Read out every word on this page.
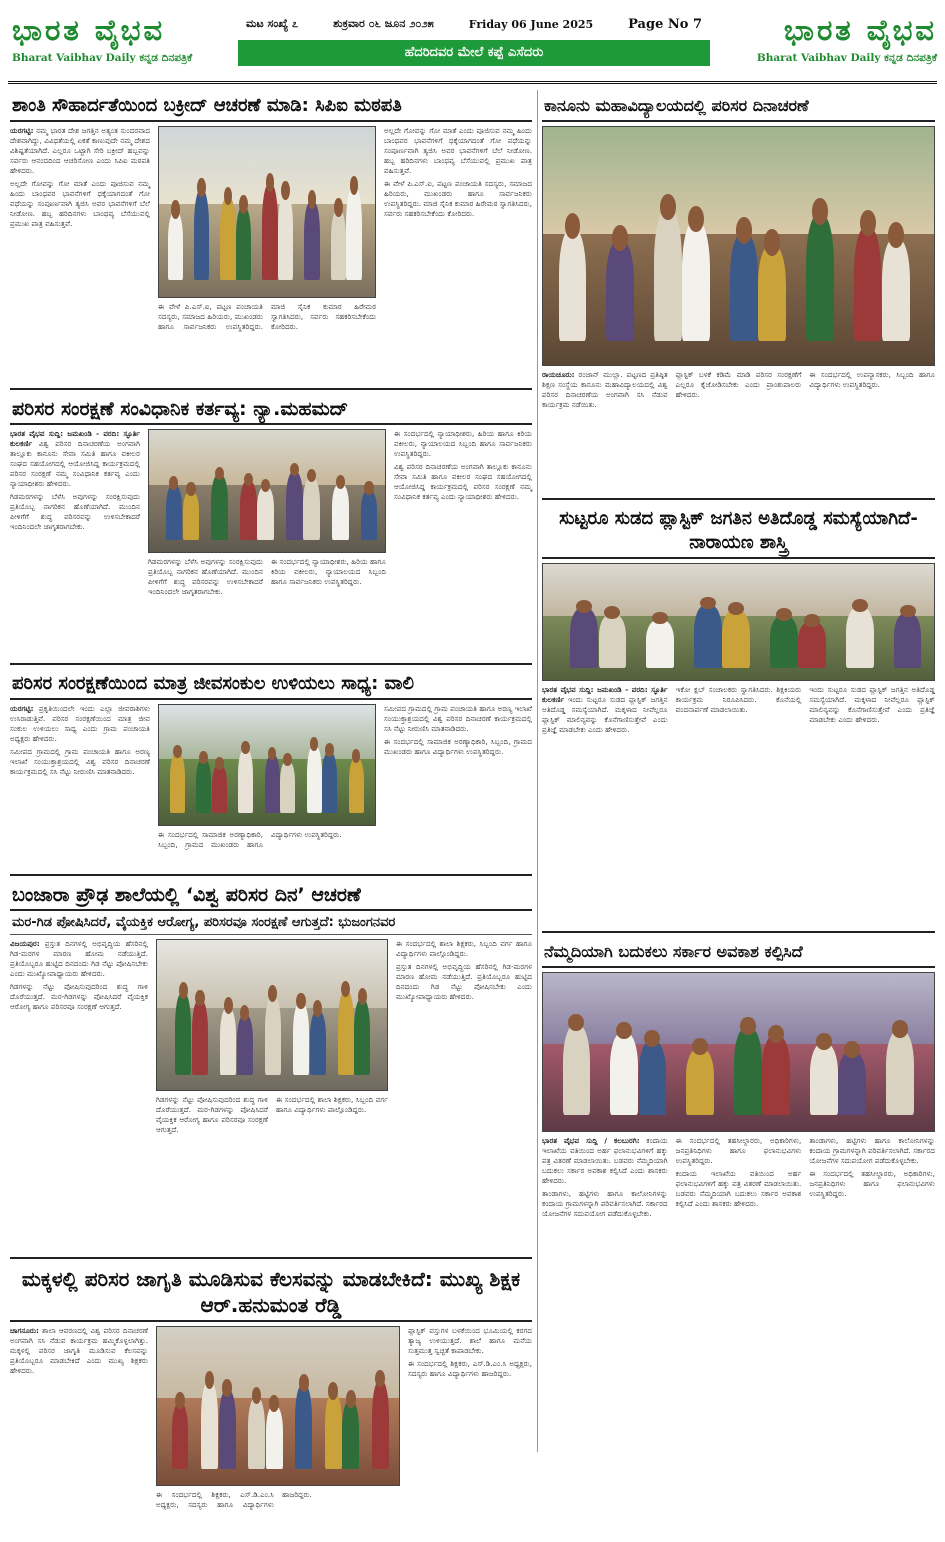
ಭಾರತ ವೈಭವ
Bharat Vaibhav Daily ಕನ್ನಡ ದಿನಪತ್ರಿಕೆ
ಮಟ ಸಂಖ್ಯೆ ೭	ಶುಕ್ರವಾರ ೦೬ ಜೂನ ೨೦೨೫	Friday 06 June 2025	Page No 7
ಹೆದರಿದವರ ಮೇಲೆ ಕಪ್ಪೆ ಎಸೆದರು
ಭಾರತ ವೈಭವ
Bharat Vaibhav Daily ಕನ್ನಡ ದಿನಪತ್ರಿಕೆ
ಶಾಂತಿ ಸೌಹಾರ್ದತೆಯಿಂದ ಬಕ್ರೀದ್ ಆಚರಣೆ ಮಾಡಿ: ಸಿಪಿಐ ಮಠಪತಿ

ಯರಗಟ್ಟಿ: ನಮ್ಮ ಭಾರತ ದೇಶ ಜಗತ್ತಿನ ಅತ್ಯಂತ ಸುಂದರವಾದ ದೇಶವಾಗಿದ್ದು, ವಿವಿಧತೆಯಲ್ಲಿ ಏಕತೆ ಕಾಣುವುದೇ ನಮ್ಮ ದೇಶದ ವಿಶಿಷ್ಟತೆಯಾಗಿದೆ. ಎಲ್ಲರೂ ಒಟ್ಟಾಗಿ ಸೇರಿ ಬಕ್ರೀದ್ ಹಬ್ಬವನ್ನು ಸರ್ವರು ಆನಂದದಿಂದ ಆಚರಿಸೋಣ ಎಂದು ಸಿಪಿಐ ಮಠಪತಿ ಹೇಳಿದರು.

ಅಲ್ಲದೇ ಗೋವನ್ನು ಗೋ ಮಾತೆ ಎಂದು ಪೂಜಿಸುವ ನಮ್ಮ ಹಿಂದು ಬಾಂಧವರ ಭಾವನೆಗಳಿಗೆ ಧಕ್ಕೆಯಾಗದಂತೆ ಗೋ ವಧೆಯನ್ನು ಸಂಪೂರ್ಣವಾಗಿ ತ್ಯಜಿಸಿ ಅವರ ಭಾವನೆಗಳಿಗೆ ಬೆಲೆ ನೀಡೋಣ. ಹಬ್ಬ ಹರಿದಿನಗಳು ಬಾಂಧವ್ಯ ಬೆಸೆಯುವಲ್ಲಿ ಪ್ರಮುಖ ಪಾತ್ರ ವಹಿಸುತ್ತವೆ.

ಈ ವೇಳೆ ಪಿ.ಎಸ್.ಐ, ಪಟ್ಟಣ ಪಂಚಾಯತಿ ಸದಸ್ಯರು, ಸಮಾಜದ ಹಿರಿಯರು, ಮುಖಂಡರು ಹಾಗೂ ಸಾರ್ವಜನಿಕರು ಉಪಸ್ಥಿತರಿದ್ದರು. ಮಾಜಿ ಸೈನಿಕ ಕುಮಾರ ಹಿರೇಮಠ ಸ್ವಾಗತಿಸಿದರು, ಸರ್ವರು ಸಹಕರಿಸಬೇಕೆಂದು ಕೋರಿದರು.

ಅಲ್ಲದೇ ಗೋವನ್ನು ಗೋ ಮಾತೆ ಎಂದು ಪೂಜಿಸುವ ನಮ್ಮ ಹಿಂದು ಬಾಂಧವರ ಭಾವನೆಗಳಿಗೆ ಧಕ್ಕೆಯಾಗದಂತೆ ಗೋ ವಧೆಯನ್ನು ಸಂಪೂರ್ಣವಾಗಿ ತ್ಯಜಿಸಿ ಅವರ ಭಾವನೆಗಳಿಗೆ ಬೆಲೆ ನೀಡೋಣ. ಹಬ್ಬ ಹರಿದಿನಗಳು ಬಾಂಧವ್ಯ ಬೆಸೆಯುವಲ್ಲಿ ಪ್ರಮುಖ ಪಾತ್ರ ವಹಿಸುತ್ತವೆ.

ಈ ವೇಳೆ ಪಿ.ಎಸ್.ಐ, ಪಟ್ಟಣ ಪಂಚಾಯತಿ ಸದಸ್ಯರು, ಸಮಾಜದ ಹಿರಿಯರು, ಮುಖಂಡರು ಹಾಗೂ ಸಾರ್ವಜನಿಕರು ಉಪಸ್ಥಿತರಿದ್ದರು. ಮಾಜಿ ಸೈನಿಕ ಕುಮಾರ ಹಿರೇಮಠ ಸ್ವಾಗತಿಸಿದರು, ಸರ್ವರು ಸಹಕರಿಸಬೇಕೆಂದು ಕೋರಿದರು.

ಪರಿಸರ ಸಂರಕ್ಷಣೆ ಸಂವಿಧಾನಿಕ ಕರ್ತವ್ಯ: ನ್ಯಾ.ಮಹಮದ್

ಭಾರತ ವೈಭವ ಸುದ್ದಿ: ಜಮಖಂಡಿ - ವರದಿ: ಸ್ಫೂರ್ತಿ ಕುಲಕರ್ಣಿ ವಿಶ್ವ ಪರಿಸರ ದಿನಾಚರಣೆಯ ಅಂಗವಾಗಿ ತಾಲ್ಲೂಕು ಕಾನೂನು ಸೇವಾ ಸಮಿತಿ ಹಾಗೂ ವಕೀಲರ ಸಂಘದ ಸಹಯೋಗದಲ್ಲಿ ಆಯೋಜಿಸಿದ್ದ ಕಾರ್ಯಕ್ರಮದಲ್ಲಿ ಪರಿಸರ ಸಂರಕ್ಷಣೆ ನಮ್ಮ ಸಂವಿಧಾನಿಕ ಕರ್ತವ್ಯ ಎಂದು ನ್ಯಾಯಾಧೀಶರು ಹೇಳಿದರು.

ಗಿಡಮರಗಳನ್ನು ಬೆಳೆಸಿ ಅವುಗಳನ್ನು ಸಂರಕ್ಷಿಸುವುದು ಪ್ರತಿಯೊಬ್ಬ ನಾಗರಿಕನ ಹೊಣೆಯಾಗಿದೆ. ಮುಂದಿನ ಪೀಳಿಗೆಗೆ ಶುದ್ಧ ಪರಿಸರವನ್ನು ಉಳಿಸಬೇಕಾದರೆ ಇಂದಿನಿಂದಲೇ ಜಾಗೃತರಾಗಬೇಕು.

ಗಿಡಮರಗಳನ್ನು ಬೆಳೆಸಿ ಅವುಗಳನ್ನು ಸಂರಕ್ಷಿಸುವುದು ಪ್ರತಿಯೊಬ್ಬ ನಾಗರಿಕನ ಹೊಣೆಯಾಗಿದೆ. ಮುಂದಿನ ಪೀಳಿಗೆಗೆ ಶುದ್ಧ ಪರಿಸರವನ್ನು ಉಳಿಸಬೇಕಾದರೆ ಇಂದಿನಿಂದಲೇ ಜಾಗೃತರಾಗಬೇಕು.

ಈ ಸಂದರ್ಭದಲ್ಲಿ ನ್ಯಾಯಾಧೀಶರು, ಹಿರಿಯ ಹಾಗೂ ಕಿರಿಯ ವಕೀಲರು, ನ್ಯಾಯಾಲಯದ ಸಿಬ್ಬಂದಿ ಹಾಗೂ ಸಾರ್ವಜನಿಕರು ಉಪಸ್ಥಿತರಿದ್ದರು.

ಈ ಸಂದರ್ಭದಲ್ಲಿ ನ್ಯಾಯಾಧೀಶರು, ಹಿರಿಯ ಹಾಗೂ ಕಿರಿಯ ವಕೀಲರು, ನ್ಯಾಯಾಲಯದ ಸಿಬ್ಬಂದಿ ಹಾಗೂ ಸಾರ್ವಜನಿಕರು ಉಪಸ್ಥಿತರಿದ್ದರು.

ವಿಶ್ವ ಪರಿಸರ ದಿನಾಚರಣೆಯ ಅಂಗವಾಗಿ ತಾಲ್ಲೂಕು ಕಾನೂನು ಸೇವಾ ಸಮಿತಿ ಹಾಗೂ ವಕೀಲರ ಸಂಘದ ಸಹಯೋಗದಲ್ಲಿ ಆಯೋಜಿಸಿದ್ದ ಕಾರ್ಯಕ್ರಮದಲ್ಲಿ ಪರಿಸರ ಸಂರಕ್ಷಣೆ ನಮ್ಮ ಸಂವಿಧಾನಿಕ ಕರ್ತವ್ಯ ಎಂದು ನ್ಯಾಯಾಧೀಶರು ಹೇಳಿದರು.

ಪರಿಸರ ಸಂರಕ್ಷಣೆಯಿಂದ ಮಾತ್ರ ಜೀವಸಂಕುಲ ಉಳಿಯಲು ಸಾಧ್ಯ: ವಾಲಿ

ಯರಗಟ್ಟಿ: ಪ್ರಕೃತಿಯಿಂದಲೇ ಇಂದು ಎಲ್ಲಾ ಜೀವರಾಶಿಗಳು ಉಸಿರಾಡುತ್ತಿವೆ. ಪರಿಸರ ಸಂರಕ್ಷಣೆಯಿಂದ ಮಾತ್ರ ಜೀವ ಸಂಕುಲ ಉಳಿಯಲು ಸಾಧ್ಯ ಎಂದು ಗ್ರಾಮ ಪಂಚಾಯತಿ ಅಧ್ಯಕ್ಷರು ಹೇಳಿದರು.

ಸಮೀಪದ ಗ್ರಾಮದಲ್ಲಿ ಗ್ರಾಮ ಪಂಚಾಯತಿ ಹಾಗೂ ಅರಣ್ಯ ಇಲಾಖೆ ಸಂಯುಕ್ತಾಶ್ರಯದಲ್ಲಿ ವಿಶ್ವ ಪರಿಸರ ದಿನಾಚರಣೆ ಕಾರ್ಯಕ್ರಮದಲ್ಲಿ ಸಸಿ ನೆಟ್ಟು ನೀರುಣಿಸಿ ಮಾತನಾಡಿದರು.

ಈ ಸಂದರ್ಭದಲ್ಲಿ ಸಾಮಾಜಿಕ ಅರಣ್ಯಾಧಿಕಾರಿ, ಸಿಬ್ಬಂದಿ, ಗ್ರಾಮದ ಮುಖಂಡರು ಹಾಗೂ ವಿದ್ಯಾರ್ಥಿಗಳು ಉಪಸ್ಥಿತರಿದ್ದರು.

ಸಮೀಪದ ಗ್ರಾಮದಲ್ಲಿ ಗ್ರಾಮ ಪಂಚಾಯತಿ ಹಾಗೂ ಅರಣ್ಯ ಇಲಾಖೆ ಸಂಯುಕ್ತಾಶ್ರಯದಲ್ಲಿ ವಿಶ್ವ ಪರಿಸರ ದಿನಾಚರಣೆ ಕಾರ್ಯಕ್ರಮದಲ್ಲಿ ಸಸಿ ನೆಟ್ಟು ನೀರುಣಿಸಿ ಮಾತನಾಡಿದರು.

ಈ ಸಂದರ್ಭದಲ್ಲಿ ಸಾಮಾಜಿಕ ಅರಣ್ಯಾಧಿಕಾರಿ, ಸಿಬ್ಬಂದಿ, ಗ್ರಾಮದ ಮುಖಂಡರು ಹಾಗೂ ವಿದ್ಯಾರ್ಥಿಗಳು ಉಪಸ್ಥಿತರಿದ್ದರು.

ಬಂಜಾರಾ ಪ್ರೌಢ ಶಾಲೆಯಲ್ಲಿ ‘ವಿಶ್ವ ಪರಿಸರ ದಿನ’ ಆಚರಣೆ
ಮರ-ಗಿಡ ಪೋಷಿಸಿದರೆ, ವೈಯಕ್ತಿಕ ಆರೋಗ್ಯ, ಪರಿಸರವೂ ಸಂರಕ್ಷಣೆ ಆಗುತ್ತದೆ: ಭುಜಂಗನವರ

ವಿಜಯಪುರ: ಪ್ರಸ್ತುತ ದಿನಗಳಲ್ಲಿ ಅಭಿವೃದ್ಧಿಯ ಹೆಸರಿನಲ್ಲಿ ಗಿಡ-ಮರಗಳ ಮಾರಣ ಹೋಮ ನಡೆಯುತ್ತಿದೆ. ಪ್ರತಿಯೊಬ್ಬರೂ ಹುಟ್ಟಿದ ದಿನದಂದು ಗಿಡ ನೆಟ್ಟು ಪೋಷಿಸಬೇಕು ಎಂದು ಮುಖ್ಯೋಪಾಧ್ಯಾಯರು ಹೇಳಿದರು.

ಗಿಡಗಳನ್ನು ನೆಟ್ಟು ಪೋಷಿಸುವುದರಿಂದ ಶುದ್ಧ ಗಾಳಿ ದೊರೆಯುತ್ತದೆ. ಮರ-ಗಿಡಗಳನ್ನು ಪೋಷಿಸಿದರೆ ವೈಯಕ್ತಿಕ ಆರೋಗ್ಯ ಹಾಗೂ ಪರಿಸರವೂ ಸಂರಕ್ಷಣೆ ಆಗುತ್ತದೆ.

ಗಿಡಗಳನ್ನು ನೆಟ್ಟು ಪೋಷಿಸುವುದರಿಂದ ಶುದ್ಧ ಗಾಳಿ ದೊರೆಯುತ್ತದೆ. ಮರ-ಗಿಡಗಳನ್ನು ಪೋಷಿಸಿದರೆ ವೈಯಕ್ತಿಕ ಆರೋಗ್ಯ ಹಾಗೂ ಪರಿಸರವೂ ಸಂರಕ್ಷಣೆ ಆಗುತ್ತದೆ.

ಈ ಸಂದರ್ಭದಲ್ಲಿ ಶಾಲಾ ಶಿಕ್ಷಕರು, ಸಿಬ್ಬಂದಿ ವರ್ಗ ಹಾಗೂ ವಿದ್ಯಾರ್ಥಿಗಳು ಪಾಲ್ಗೊಂಡಿದ್ದರು.

ಈ ಸಂದರ್ಭದಲ್ಲಿ ಶಾಲಾ ಶಿಕ್ಷಕರು, ಸಿಬ್ಬಂದಿ ವರ್ಗ ಹಾಗೂ ವಿದ್ಯಾರ್ಥಿಗಳು ಪಾಲ್ಗೊಂಡಿದ್ದರು.

ಪ್ರಸ್ತುತ ದಿನಗಳಲ್ಲಿ ಅಭಿವೃದ್ಧಿಯ ಹೆಸರಿನಲ್ಲಿ ಗಿಡ-ಮರಗಳ ಮಾರಣ ಹೋಮ ನಡೆಯುತ್ತಿದೆ. ಪ್ರತಿಯೊಬ್ಬರೂ ಹುಟ್ಟಿದ ದಿನದಂದು ಗಿಡ ನೆಟ್ಟು ಪೋಷಿಸಬೇಕು ಎಂದು ಮುಖ್ಯೋಪಾಧ್ಯಾಯರು ಹೇಳಿದರು.

ಮಕ್ಕಳಲ್ಲಿ ಪರಿಸರ ಜಾಗೃತಿ ಮೂಡಿಸುವ ಕೆಲಸವನ್ನು ಮಾಡಬೇಕಿದೆ: ಮುಖ್ಯ ಶಿಕ್ಷಕ ಆರ್.ಹನುಮಂತ ರೆಡ್ಡಿ

ಚಾಗನೂರು: ಶಾಲಾ ಆವರಣದಲ್ಲಿ ವಿಶ್ವ ಪರಿಸರ ದಿನಾಚರಣೆ ಅಂಗವಾಗಿ ಸಸಿ ನೆಡುವ ಕಾರ್ಯಕ್ರಮ ಹಮ್ಮಿಕೊಳ್ಳಲಾಗಿತ್ತು. ಮಕ್ಕಳಲ್ಲಿ ಪರಿಸರ ಜಾಗೃತಿ ಮೂಡಿಸುವ ಕೆಲಸವನ್ನು ಪ್ರತಿಯೊಬ್ಬರೂ ಮಾಡಬೇಕಿದೆ ಎಂದು ಮುಖ್ಯ ಶಿಕ್ಷಕರು ಹೇಳಿದರು.

ಈ ಸಂದರ್ಭದಲ್ಲಿ ಶಿಕ್ಷಕರು, ಎಸ್.ಡಿ.ಎಂ.ಸಿ ಅಧ್ಯಕ್ಷರು, ಸದಸ್ಯರು ಹಾಗೂ ವಿದ್ಯಾರ್ಥಿಗಳು ಹಾಜರಿದ್ದರು.

ಪ್ಲಾಸ್ಟಿಕ್ ವಸ್ತುಗಳ ಬಳಕೆಯಿಂದ ಭೂಮಿಯಲ್ಲಿ ಕರಗದ ತ್ಯಾಜ್ಯ ಉಳಿಯುತ್ತದೆ. ಶಾಲೆ ಹಾಗೂ ಮನೆಯ ಸುತ್ತಮುತ್ತ ಸ್ವಚ್ಛತೆ ಕಾಪಾಡಬೇಕು.

ಈ ಸಂದರ್ಭದಲ್ಲಿ ಶಿಕ್ಷಕರು, ಎಸ್.ಡಿ.ಎಂ.ಸಿ ಅಧ್ಯಕ್ಷರು, ಸದಸ್ಯರು ಹಾಗೂ ವಿದ್ಯಾರ್ಥಿಗಳು ಹಾಜರಿದ್ದರು.

ಕಾನೂನು ಮಹಾವಿದ್ಯಾಲಯದಲ್ಲಿ ಪರಿಸರ ದಿನಾಚರಣೆ

ರಾಯಚೂರು: ರಂಜಾನ್ ಮುಲ್ಲಾ. ಪಟ್ಟಣದ ಪ್ರತಿಷ್ಠಿತ ಶಿಕ್ಷಣ ಸಂಸ್ಥೆಯ ಕಾನೂನು ಮಹಾವಿದ್ಯಾಲಯದಲ್ಲಿ ವಿಶ್ವ ಪರಿಸರ ದಿನಾಚರಣೆಯ ಅಂಗವಾಗಿ ಸಸಿ ನೆಡುವ ಕಾರ್ಯಕ್ರಮ ನಡೆಯಿತು.

ಪ್ಲಾಸ್ಟಿಕ್ ಬಳಕೆ ಕಡಿಮೆ ಮಾಡಿ ಪರಿಸರ ಸಂರಕ್ಷಣೆಗೆ ಎಲ್ಲರೂ ಕೈಜೋಡಿಸಬೇಕು ಎಂದು ಪ್ರಾಂಶುಪಾಲರು ಹೇಳಿದರು.

ಈ ಸಂದರ್ಭದಲ್ಲಿ ಉಪನ್ಯಾಸಕರು, ಸಿಬ್ಬಂದಿ ಹಾಗೂ ವಿದ್ಯಾರ್ಥಿಗಳು ಉಪಸ್ಥಿತರಿದ್ದರು.

ಸುಟ್ಟರೂ ಸುಡದ ಪ್ಲಾಸ್ಟಿಕ್ ಜಗತಿನ ಅತಿದೊಡ್ಡ ಸಮಸ್ಯೆಯಾಗಿದೆ-ನಾರಾಯಣ ಶಾಸ್ತ್ರಿ

ಭಾರತ ವೈಭವ ಸುದ್ದಿ: ಜಮಖಂಡಿ - ವರದಿ: ಸ್ಫೂರ್ತಿ ಕುಲಕರ್ಣಿ ಇಂದು ಸುಟ್ಟರೂ ಸುಡದ ಪ್ಲಾಸ್ಟಿಕ್ ಜಗತ್ತಿನ ಅತಿದೊಡ್ಡ ಸಮಸ್ಯೆಯಾಗಿದೆ. ಮಕ್ಕಳಾದ ನೀವೆಲ್ಲರೂ ಪ್ಲಾಸ್ಟಿಕ್ ಮಾಲಿನ್ಯವನ್ನು ಕೊನೆಗಾಣಿಸುತ್ತೇವೆ ಎಂದು ಪ್ರತಿಜ್ಞೆ ಮಾಡಬೇಕು ಎಂದು ಹೇಳಿದರು.

ಇಕೋ ಕ್ಲಬ್ ಸಂಚಾಲಕರು ಸ್ವಾಗತಿಸಿದರು. ಶಿಕ್ಷಕಿಯರು ಕಾರ್ಯಕ್ರಮ ನಿರೂಪಿಸಿದರು. ಕೊನೆಯಲ್ಲಿ ವಂದನಾರ್ಪಣೆ ಮಾಡಲಾಯಿತು.

ಇಂದು ಸುಟ್ಟರೂ ಸುಡದ ಪ್ಲಾಸ್ಟಿಕ್ ಜಗತ್ತಿನ ಅತಿದೊಡ್ಡ ಸಮಸ್ಯೆಯಾಗಿದೆ. ಮಕ್ಕಳಾದ ನೀವೆಲ್ಲರೂ ಪ್ಲಾಸ್ಟಿಕ್ ಮಾಲಿನ್ಯವನ್ನು ಕೊನೆಗಾಣಿಸುತ್ತೇವೆ ಎಂದು ಪ್ರತಿಜ್ಞೆ ಮಾಡಬೇಕು ಎಂದು ಹೇಳಿದರು.

ನೆಮ್ಮದಿಯಾಗಿ ಬದುಕಲು ಸರ್ಕಾರ ಅವಕಾಶ ಕಲ್ಪಿಸಿದೆ

ಭಾರತ ವೈಭವ ಸುದ್ದಿ / ಕಲಬುರಗಿ: ಕಂದಾಯ ಇಲಾಖೆಯ ವತಿಯಿಂದ ಅರ್ಹ ಫಲಾನುಭವಿಗಳಿಗೆ ಹಕ್ಕು ಪತ್ರ ವಿತರಣೆ ಮಾಡಲಾಯಿತು. ಬಡವರು ನೆಮ್ಮದಿಯಾಗಿ ಬದುಕಲು ಸರ್ಕಾರ ಅವಕಾಶ ಕಲ್ಪಿಸಿದೆ ಎಂದು ಶಾಸಕರು ಹೇಳಿದರು.

ತಾಂಡಾಗಳು, ಹಟ್ಟಿಗಳು ಹಾಗೂ ಕಾಲೋನಿಗಳನ್ನು ಕಂದಾಯ ಗ್ರಾಮಗಳನ್ನಾಗಿ ಪರಿವರ್ತಿಸಲಾಗಿದೆ. ಸರ್ಕಾರದ ಯೋಜನೆಗಳ ಸದುಪಯೋಗ ಪಡೆದುಕೊಳ್ಳಬೇಕು.

ಈ ಸಂದರ್ಭದಲ್ಲಿ ತಹಸೀಲ್ದಾರರು, ಅಧಿಕಾರಿಗಳು, ಜನಪ್ರತಿನಿಧಿಗಳು ಹಾಗೂ ಫಲಾನುಭವಿಗಳು ಉಪಸ್ಥಿತರಿದ್ದರು.

ಕಂದಾಯ ಇಲಾಖೆಯ ವತಿಯಿಂದ ಅರ್ಹ ಫಲಾನುಭವಿಗಳಿಗೆ ಹಕ್ಕು ಪತ್ರ ವಿತರಣೆ ಮಾಡಲಾಯಿತು. ಬಡವರು ನೆಮ್ಮದಿಯಾಗಿ ಬದುಕಲು ಸರ್ಕಾರ ಅವಕಾಶ ಕಲ್ಪಿಸಿದೆ ಎಂದು ಶಾಸಕರು ಹೇಳಿದರು.

ತಾಂಡಾಗಳು, ಹಟ್ಟಿಗಳು ಹಾಗೂ ಕಾಲೋನಿಗಳನ್ನು ಕಂದಾಯ ಗ್ರಾಮಗಳನ್ನಾಗಿ ಪರಿವರ್ತಿಸಲಾಗಿದೆ. ಸರ್ಕಾರದ ಯೋಜನೆಗಳ ಸದುಪಯೋಗ ಪಡೆದುಕೊಳ್ಳಬೇಕು.

ಈ ಸಂದರ್ಭದಲ್ಲಿ ತಹಸೀಲ್ದಾರರು, ಅಧಿಕಾರಿಗಳು, ಜನಪ್ರತಿನಿಧಿಗಳು ಹಾಗೂ ಫಲಾನುಭವಿಗಳು ಉಪಸ್ಥಿತರಿದ್ದರು.
